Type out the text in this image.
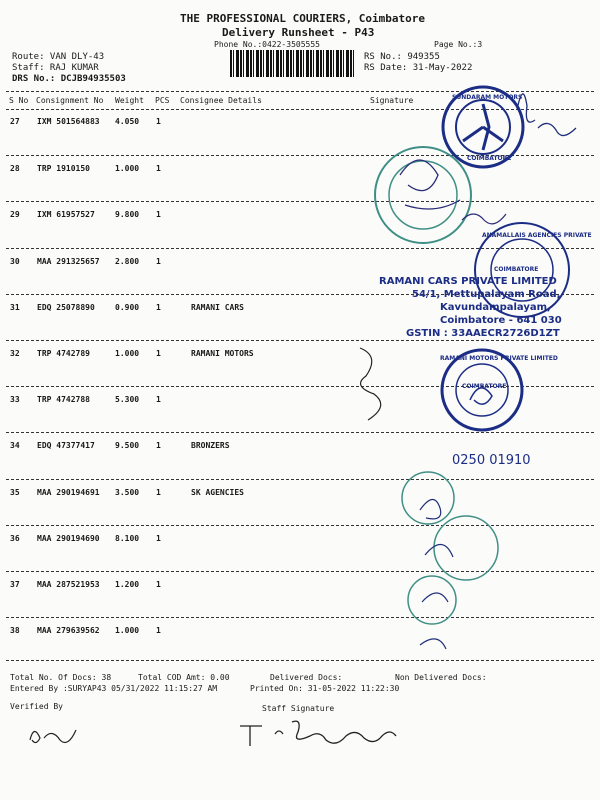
THE PROFESSIONAL COURIERS, Coimbatore
Delivery Runsheet - P43
Phone No.:0422-3505555	Page No.:3
Route: VAN DLY-43
Staff: RAJ KUMAR
DRS No.: DCJB94935503
RS No.: 949355
RS Date: 31-May-2022
S No Consignment No Weight PCS Consignee Details	Signature
27 IXM 501564883 4.050 1
28 TRP 1910150	1.000 1
29 IXM 61957527	9.800 1
30 MAA 291325657 2.800 1
31 EDQ 25078890	0.900 1	RAMANI CARS
32 TRP 4742789	1.000 1	RAMANI MOTORS
33 TRP 4742788	5.300 1
34 EDQ 47377417	9.500 1	BRONZERS
35 MAA 290194691 3.500 1	SK AGENCIES
36 MAA 290194690 8.100 1
37 MAA 287521953 1.200 1
38 MAA 279639562 1.000 1
Total No. Of Docs: 38	Total COD Amt: 0.00	Delivered Docs:	Non Delivered Docs:
Entered By :SURYAP43 05/31/2022 11:15:27 AM	Printed On: 31-05-2022 11:22:30
Verified By	Staff Signature
RAMANI CARS PRIVATE LIMITED
54/1, Mettupalayam Road,
Kavundampalayam,
Coimbatore - 641 030
GSTIN : 33AAECR2726D1ZT
SUNDARAM MOTORS
COIMBATORE
RAMANI MOTORS PRIVATE LIMITED
COIMBATORE
ANAMALLAIS AGENCIES PRIVATE
COIMBATORE
0250 01910
